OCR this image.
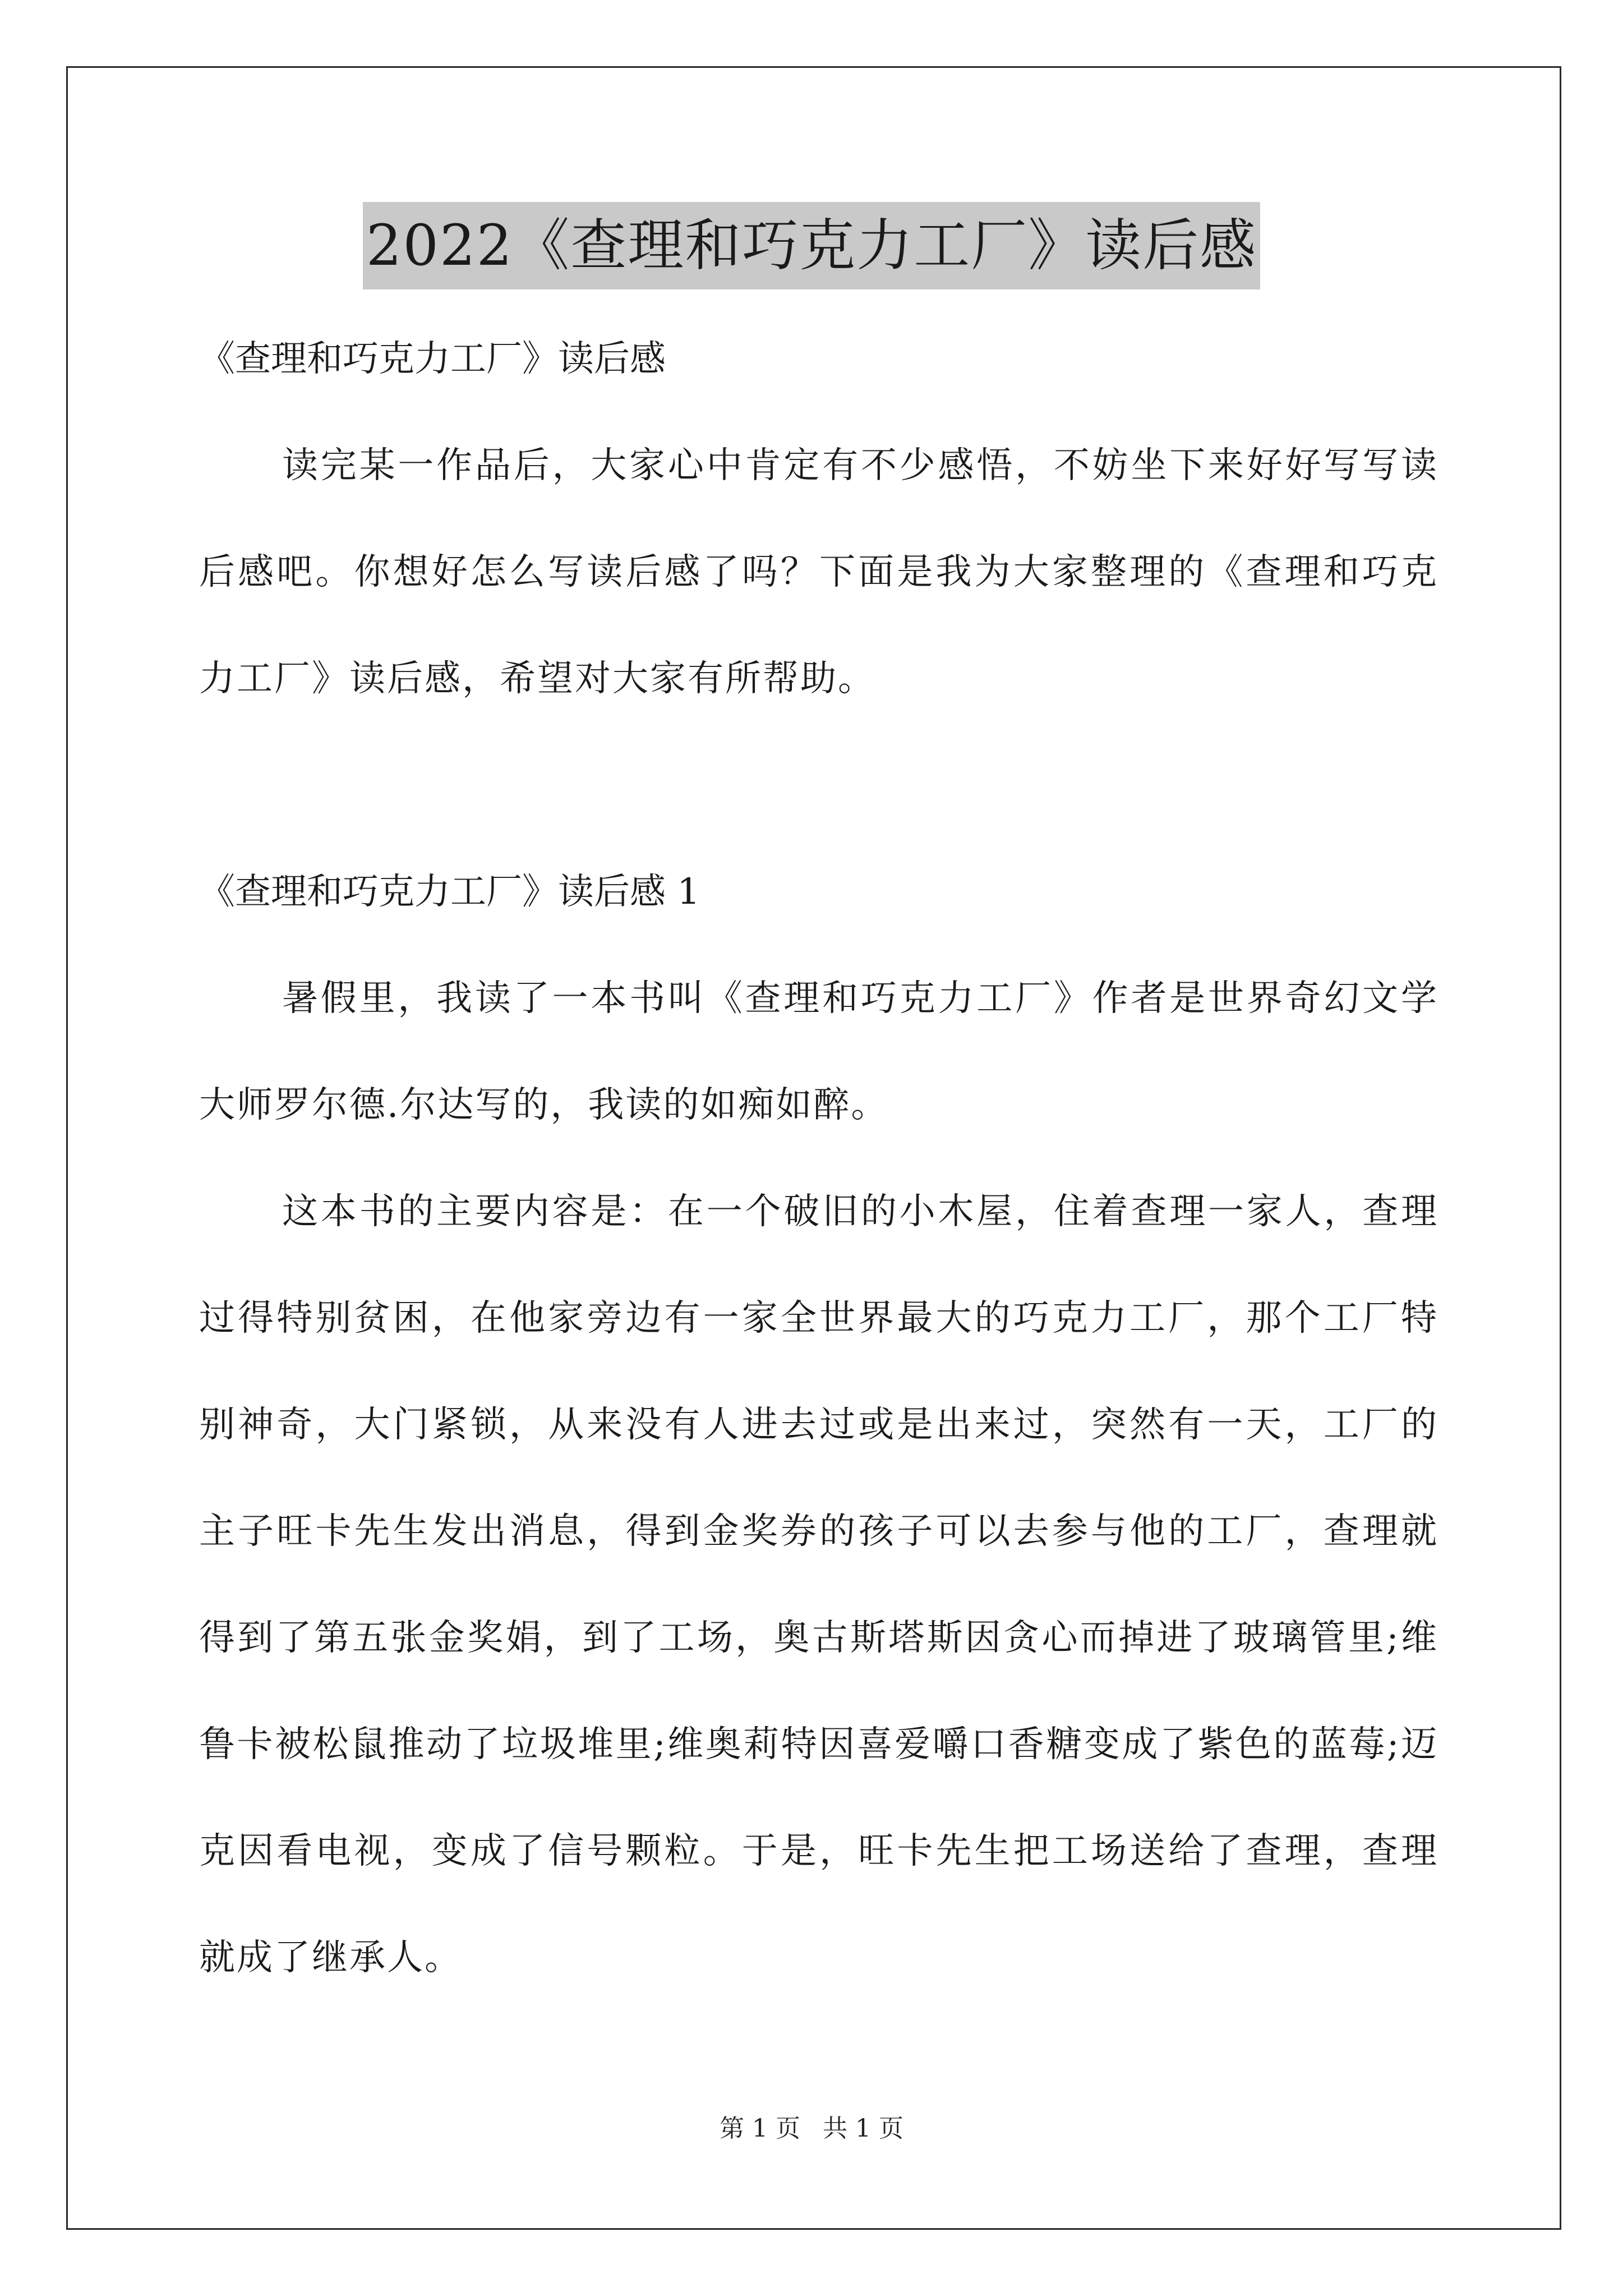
2022《查理和巧克力工厂》读后感

《查理和巧克力工厂》读后感

读完某一作品后，大家心中肯定有不少感悟，不妨坐下来好好写写读后感吧。你想好怎么写读后感了吗？下面是我为大家整理的《查理和巧克力工厂》读后感，希望对大家有所帮助。

《查理和巧克力工厂》读后感 1

暑假里，我读了一本书叫《查理和巧克力工厂》作者是世界奇幻文学大师罗尔德.尔达写的，我读的如痴如醉。

这本书的主要内容是：在一个破旧的小木屋，住着查理一家人，查理过得特别贫困，在他家旁边有一家全世界最大的巧克力工厂，那个工厂特别神奇，大门紧锁，从来没有人进去过或是出来过，突然有一天，工厂的主子旺卡先生发出消息，得到金奖券的孩子可以去参与他的工厂，查理就得到了第五张金奖娟，到了工场，奥古斯塔斯因贪心而掉进了玻璃管里;维鲁卡被松鼠推动了垃圾堆里;维奥莉特因喜爱嚼口香糖变成了紫色的蓝莓;迈克因看电视，变成了信号颗粒。于是，旺卡先生把工场送给了查理，查理就成了继承人。

第 1 页 共 1 页
